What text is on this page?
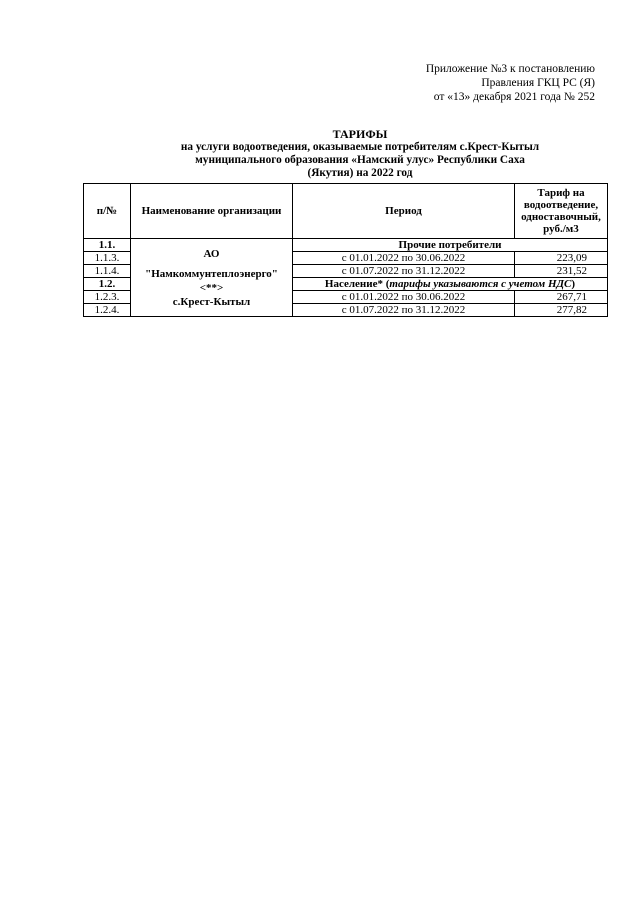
Приложение №3 к постановлению
Правления ГКЦ РС (Я)
от «13» декабря 2021 года № 252
ТАРИФЫ
на услуги водоотведения, оказываемые потребителям с.Крест-Кытыл
муниципального образования «Намский улус» Республики Саха
(Якутия) на 2022 год
п/№	Наименование организации	Период	Тариф на водоотведение, одноставочный, руб./м3
1.1.	АО
"Намкоммунтеплоэнерго"
<**>
с.Крест-Кытыл	Прочие потребители	
1.1.3.		с 01.01.2022 по 30.06.2022	223,09
1.1.4.		с 01.07.2022 по 31.12.2022	231,52
1.2.		Население* (тарифы указываются с учетом НДС)	
1.2.3.		с 01.01.2022 по 30.06.2022	267,71
1.2.4.		с 01.07.2022 по 31.12.2022	277,82
